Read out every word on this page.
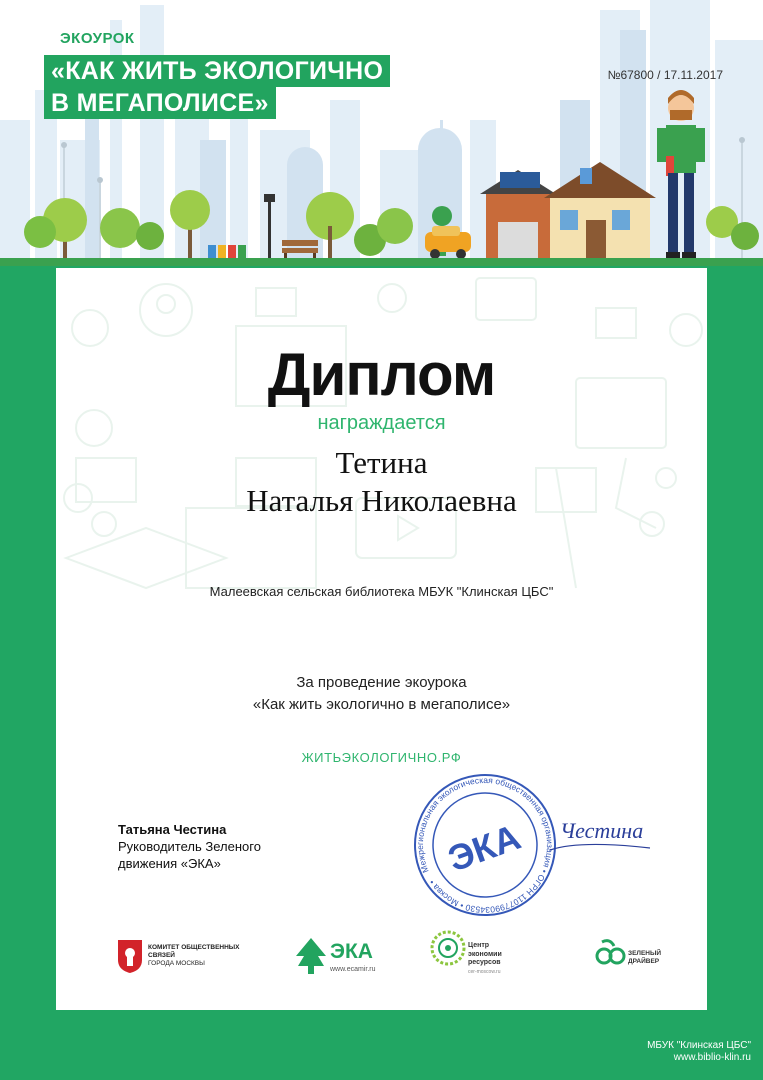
ЭКОУРОК
«КАК ЖИТЬ ЭКОЛОГИЧНО
В МЕГАПОЛИСЕ»
№67800 / 17.11.2017
Диплом
награждается
Тетина
Наталья Николаевна
Малеевская сельская библиотека МБУК "Клинская ЦБС"
За проведение экоурока
«Как жить экологично в мегаполисе»
ЖИТЬЭКОЛОГИЧНО.РФ
Татьяна Честина
Руководитель Зеленого
движения «ЭКА»	Межрегиональная экологическая общественная организация • ОГРН 1107799034530 • Москва •
ЭКА Честина
КОМИТЕТ ОБЩЕСТВЕННЫХ
СВЯЗЕЙ
ГОРОДА МОСКВЫ
ЭКА
www.ecamir.ru
Центр
экономии
ресурсов
cer-moscow.ru
ЗЕЛЕНЫЙ
ДРАЙВЕР
МБУК "Клинская ЦБС"
www.biblio-klin.ru
